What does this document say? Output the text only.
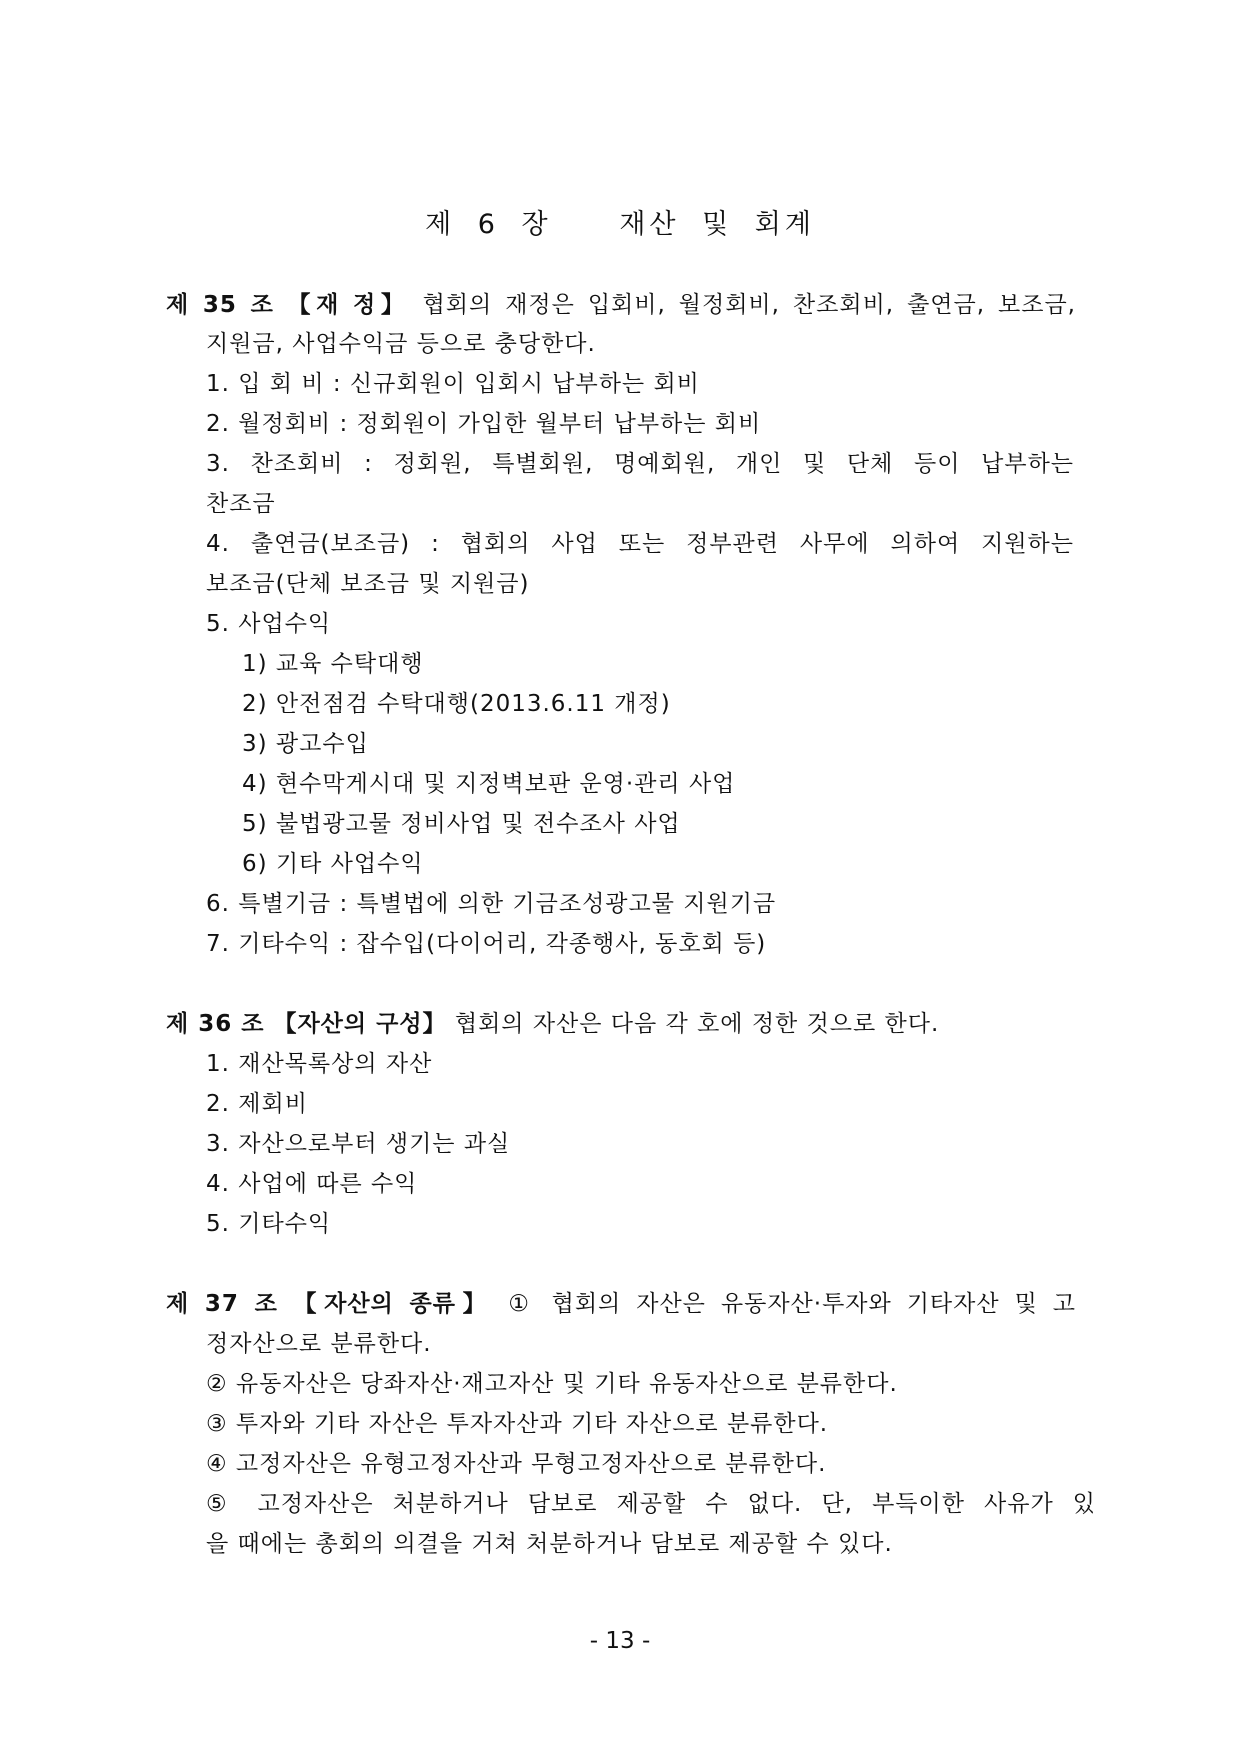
제 6 장   재산 및 회계
제 35 조 【재 정】 협회의 재정은 입회비, 월정회비, 찬조회비, 출연금, 보조금,
지원금, 사업수익금 등으로 충당한다.
1. 입 회 비 : 신규회원이 입회시 납부하는 회비
2. 월정회비 : 정회원이 가입한 월부터 납부하는 회비
3. 찬조회비 : 정회원, 특별회원, 명예회원, 개인 및 단체 등이 납부하는
찬조금
4. 출연금(보조금) : 협회의 사업 또는 정부관련 사무에 의하여 지원하는
보조금(단체 보조금 및 지원금)
5. 사업수익
1) 교육 수탁대행
2) 안전점검 수탁대행(2013.6.11 개정)
3) 광고수입
4) 현수막게시대 및 지정벽보판 운영·관리 사업
5) 불법광고물 정비사업 및 전수조사 사업
6) 기타 사업수익
6. 특별기금 : 특별법에 의한 기금조성광고물 지원기금
7. 기타수익 : 잡수입(다이어리, 각종행사, 동호회 등)
제 36 조 【자산의 구성】 협회의 자산은 다음 각 호에 정한 것으로 한다.
1. 재산목록상의 자산
2. 제회비
3. 자산으로부터 생기는 과실
4. 사업에 따른 수익
5. 기타수익
제 37 조 【자산의 종류】 ① 협회의 자산은 유동자산·투자와 기타자산 및 고
정자산으로 분류한다.
② 유동자산은 당좌자산·재고자산 및 기타 유동자산으로 분류한다.
③ 투자와 기타 자산은 투자자산과 기타 자산으로 분류한다.
④ 고정자산은 유형고정자산과 무형고정자산으로 분류한다.
⑤ 고정자산은 처분하거나 담보로 제공할 수 없다. 단, 부득이한 사유가 있
을 때에는 총회의 의결을 거쳐 처분하거나 담보로 제공할 수 있다.
- 13 -
